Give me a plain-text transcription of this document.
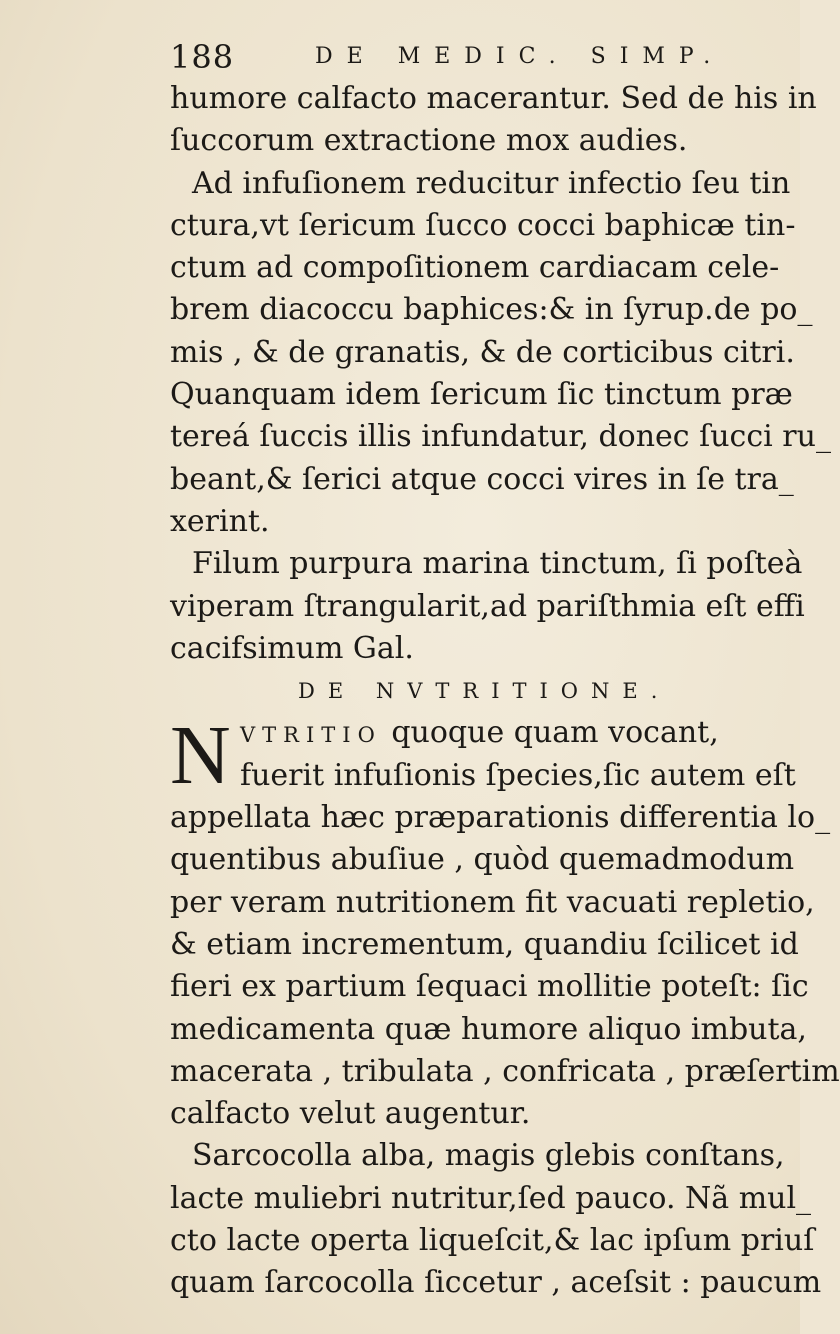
188	DE MEDIC. SIMP.
humore calfacto macerantur. Sed de his in
ſuccorum extractione mox audies.
Ad infuſionem reducitur infectio ſeu tin
ctura,vt ſericum ſucco cocci baphicæ tin-
ctum ad compoſitionem cardiacam cele-
brem diacoccu baphices:& in ſyrup.de po_
mis , & de granatis, & de corticibus citri.
Quanquam idem ſericum ſic tinctum præ
tereá ſuccis illis infundatur, donec ſucci ru_
beant,& ſerici atque cocci vires in ſe tra_
xerint.
Filum purpura marina tinctum, ſi poſteà
viperam ſtrangularit,ad pariſthmia eſt effi
cacifsimum Gal.
DE NVTRITIONE.
N VTRITIO quoque quam vocant,
fuerit infuſionis ſpecies,ſic autem eſt
appellata hæc præparationis differentia lo_
quentibus abuſiue , quòd quemadmodum
per veram nutritionem fit vacuati repletio,
& etiam incrementum, quandiu ſcilicet id
fieri ex partium ſequaci mollitie poteſt: ſic
medicamenta quæ humore aliquo imbuta,
macerata , tribulata , confricata , præſertim
calfacto velut augentur.
Sarcocolla alba, magis glebis conſtans,
lacte muliebri nutritur,ſed pauco. Nã mul_
cto lacte operta liqueſcit,& lac ipſum priuſ
quam ſarcocolla ſiccetur , aceſsit : paucum
